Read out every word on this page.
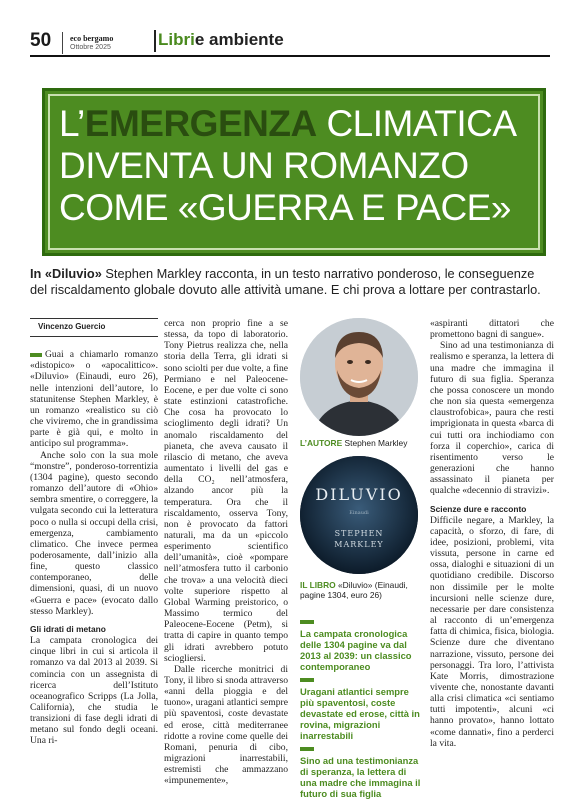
50 eco bergamo
Ottobre 2025	Librie ambiente
L’EMERGENZA CLIMATICA
DIVENTA UN ROMANZO
COME «GUERRA E PACE»
In «Diluvio» Stephen Markley racconta, in un testo narrativo ponderoso, le conseguenze del riscaldamento globale dovuto alle attività umane. E chi prova a lottare per contrastarlo.
Vincenzo Guercio

Guai a chiamarlo romanzo «distopico» o «apocalittico». «Diluvio» (Einaudi, euro 26), nelle intenzioni dell’autore, lo statunitense Stephen Markley, è un romanzo «realistico su ciò che viviremo, che in grandissima parte è già qui, e molto in anticipo sul programma».

Anche solo con la sua mole “monstre”, ponderoso-torrentizia (1304 pagine), questo secondo romanzo dell’autore di «Ohio» sembra smentire, o correggere, la vulgata secondo cui la letteratura poco o nulla si occupi della crisi, emergenza, cambiamento climatico. Che invece permea poderosamente, dall’inizio alla fine, questo classico contemporaneo, delle dimensioni, quasi, di un nuovo «Guerra e pace» (evocato dallo stesso Markley).

Gli idrati di metano

La campata cronologica dei cinque libri in cui si articola il romanzo va dal 2013 al 2039. Si comincia con un assegnista di ricerca dell’Istituto oceanografico Scripps (La Jolla, California), che studia le transizioni di fase degli idrati di metano sul fondo degli oceani. Una ri-

cerca non proprio fine a se stessa, da topo di laboratorio. Tony Pietrus realizza che, nella storia della Terra, gli idrati si sono sciolti per due volte, a fine Permiano e nel Paleocene-Eocene, e per due volte ci sono state estinzioni catastrofiche. Che cosa ha provocato lo scioglimento degli idrati? Un anomalo riscaldamento del pianeta, che aveva causato il rilascio di metano, che aveva aumentato i livelli del gas e della CO₂ nell’atmosfera, alzando ancor più la temperatura. Ora che il riscaldamento, osserva Tony, non è provocato da fattori naturali, ma da un «piccolo esperimento scientifico dell’umanità», cioè «pompare nell’atmosfera tutto il carbonio che trova» a una velocità dieci volte superiore rispetto al Global Warming preistorico, o Massimo termico del Paleocene-Eocene (Petm), si tratta di capire in quanto tempo gli idrati avrebbero potuto sciogliersi.

Dalle ricerche monitrici di Tony, il libro si snoda attraverso «anni della pioggia e del tuono», uragani atlantici sempre più spaventosi, coste devastate ed erose, città mediterranee ridotte a rovine come quelle dei Romani, penuria di cibo, migrazioni inarrestabili, estremisti che ammazzano «impunemente»,

L’AUTORE Stephen Markley
DILUVIO
Einaudi
STEPHEN
MARKLEY
IL LIBRO «Diluvio» (Einaudi, pagine 1304, euro 26)
La campata cronologica delle 1304 pagine va dal 2013 al 2039: un classico contemporaneo
Uragani atlantici sempre più spaventosi, coste devastate ed erose, città in rovina, migrazioni inarrestabili
Sino ad una testimonianza di speranza, la lettera di una madre che immagina il futuro di sua figlia

«aspiranti dittatori che promettono bagni di sangue».

Sino ad una testimonianza di realismo e speranza, la lettera di una madre che immagina il futuro di sua figlia. Speranza che possa conoscere un mondo che non sia questa «emergenza claustrofobica», paura che resti imprigionata in questa «barca di cui tutti ora inchiodiamo con forza il coperchio», carica di risentimento verso le generazioni che hanno assassinato il pianeta per qualche «decennio di stravizi».

Scienze dure e racconto

Difficile negare, a Markley, la capacità, o sforzo, di fare, di idee, posizioni, problemi, vita vissuta, persone in carne ed ossa, dialoghi e situazioni di un quotidiano credibile. Discorso non dissimile per le molte incursioni nelle scienze dure, necessarie per dare consistenza al racconto di un’emergenza fatta di chimica, fisica, biologia. Scienze dure che diventano narrazione, vissuto, persone dei personaggi. Tra loro, l’attivista Kate Morris, dimostrazione vivente che, nonostante davanti alla crisi climatica «ci sentiamo tutti impotenti», alcuni «ci hanno provato», hanno lottato «come dannati», fino a perderci la vita.
